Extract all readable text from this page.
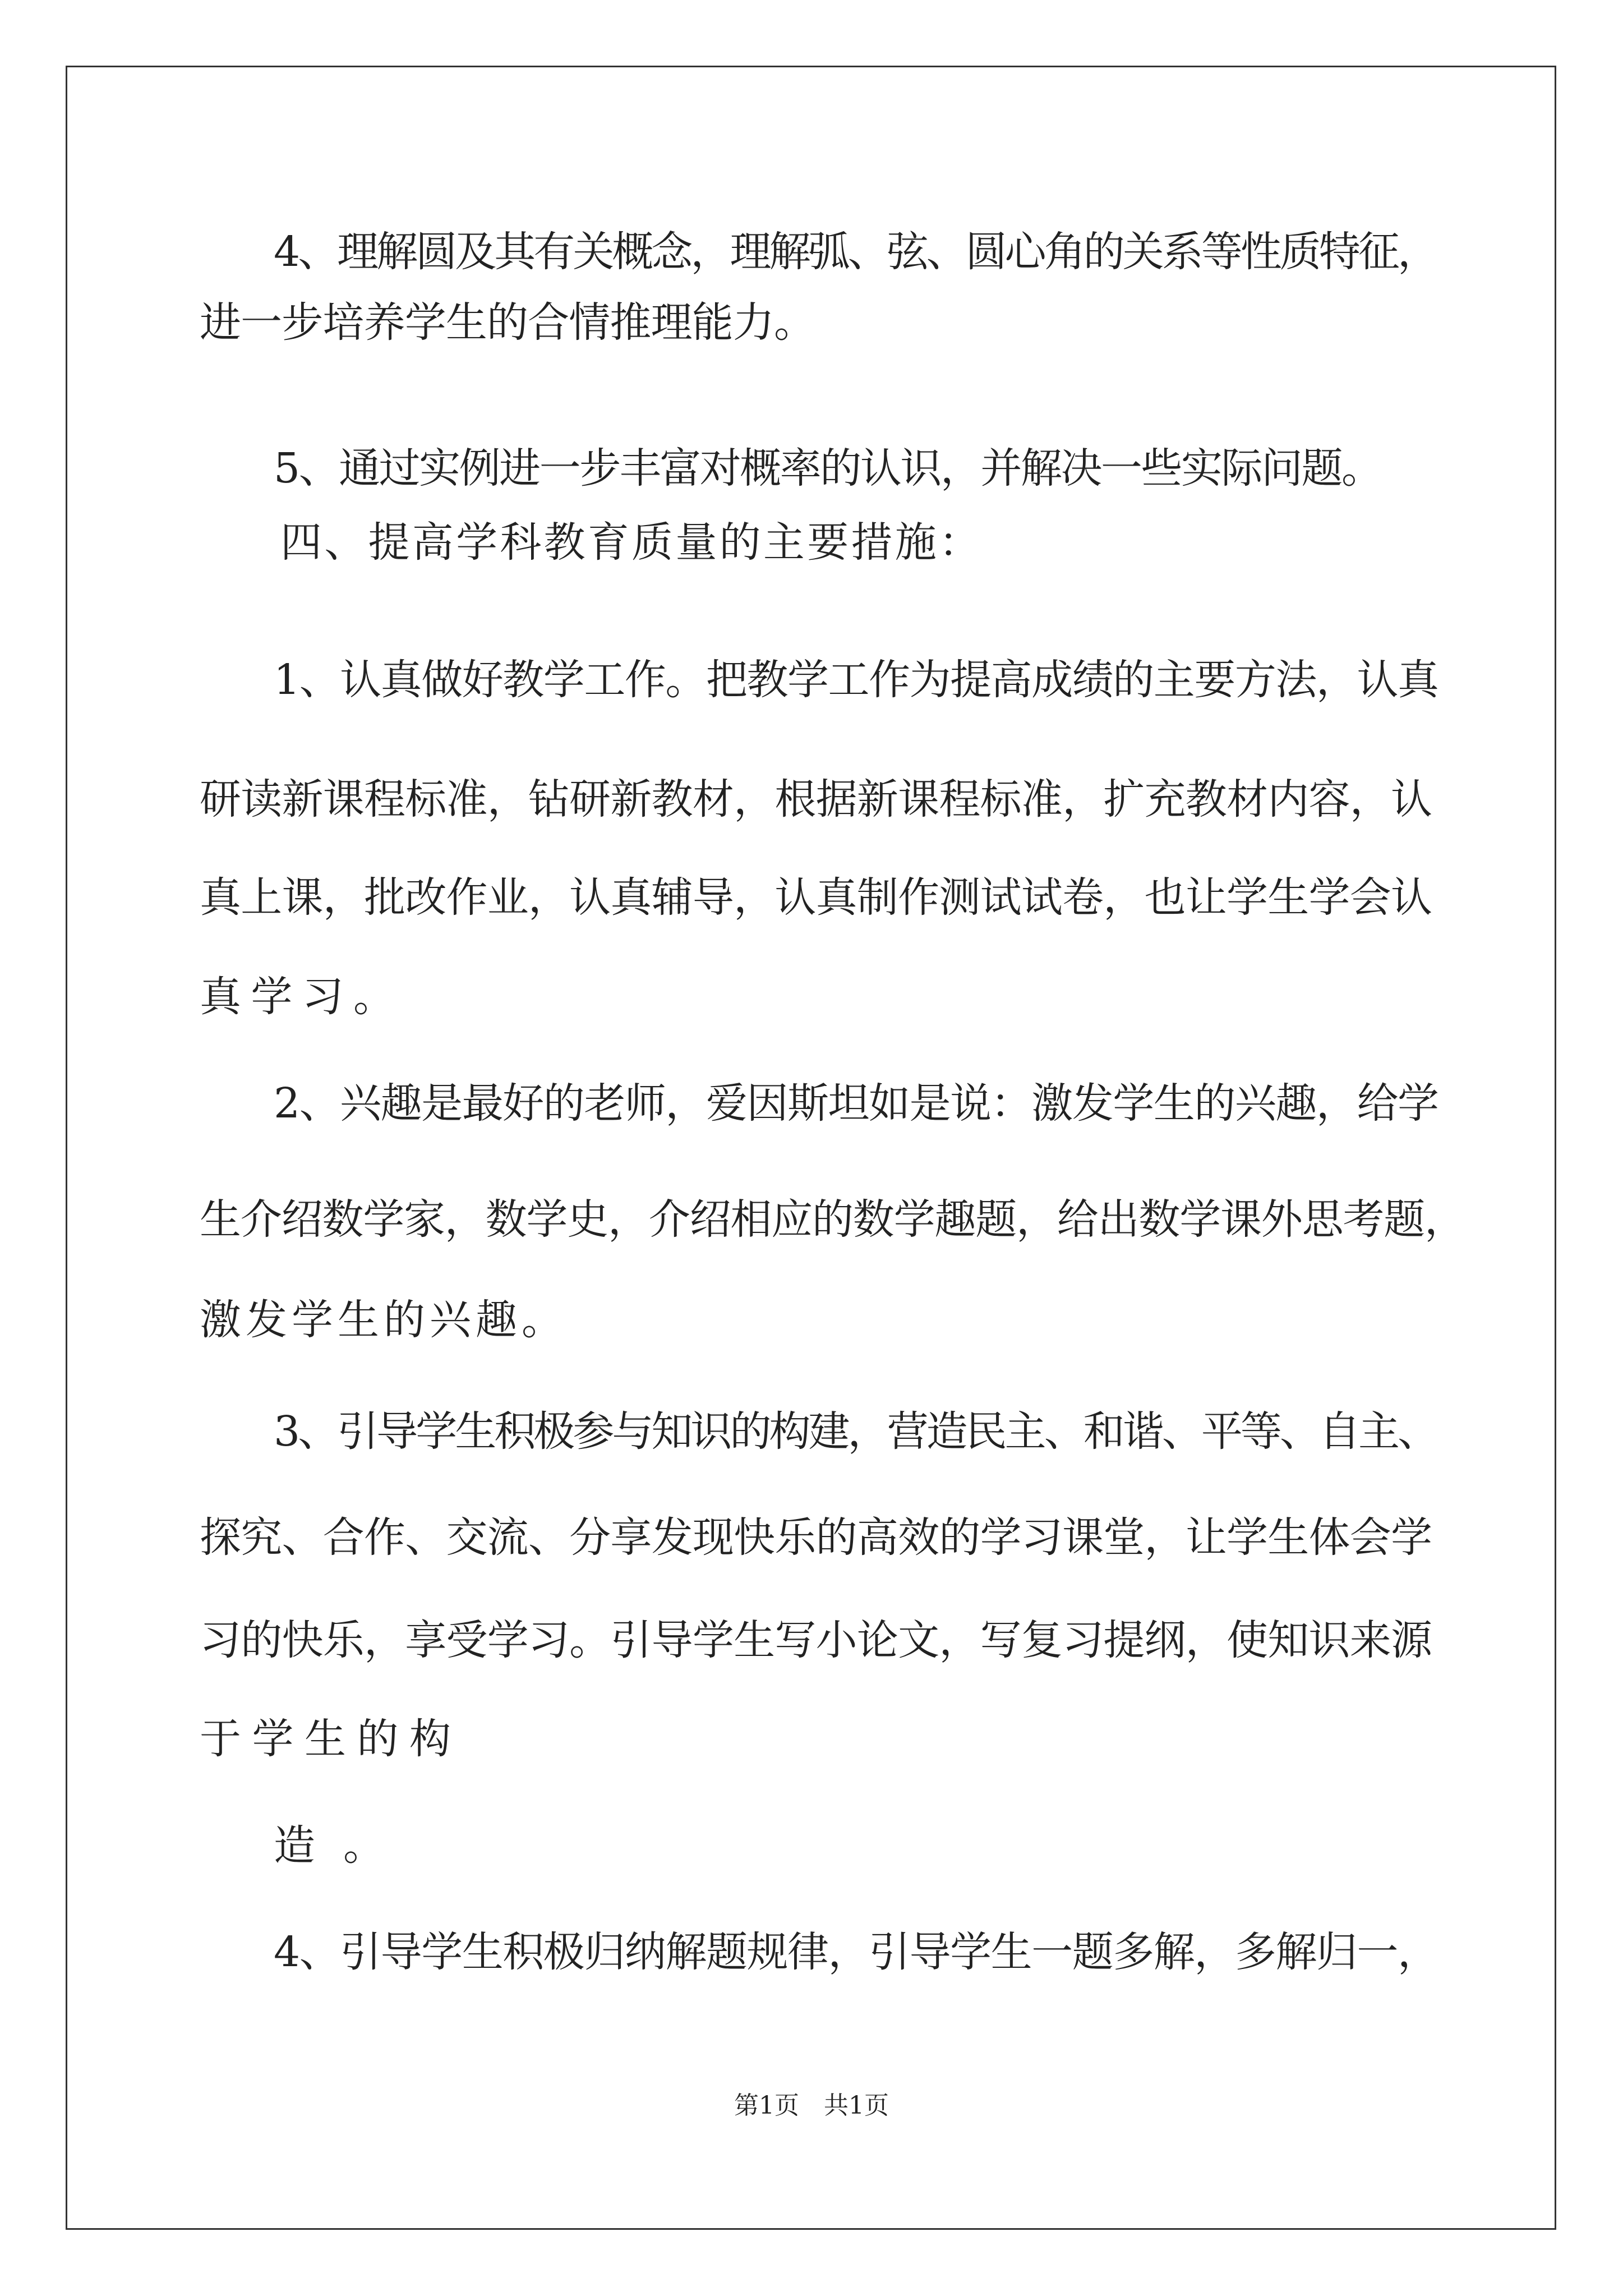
4、理解圆及其有关概念，理解弧、弦、圆心角的关系等性质特征，
进一步培养学生的合情推理能力。
5、通过实例进一步丰富对概率的认识，并解决一些实际问题。
四、提高学科教育质量的主要措施：
1、认真做好教学工作。把教学工作为提高成绩的主要方法，认真
研读新课程标准，钻研新教材，根据新课程标准，扩充教材内容，认
真上课，批改作业，认真辅导，认真制作测试试卷，也让学生学会认
真学习。
2、兴趣是最好的老师，爱因斯坦如是说：激发学生的兴趣，给学
生介绍数学家，数学史，介绍相应的数学趣题，给出数学课外思考题，
激发学生的兴趣。
3、引导学生积极参与知识的构建，营造民主、和谐、平等、自主、
探究、合作、交流、分享发现快乐的高效的学习课堂，让学生体会学
习的快乐，享受学习。引导学生写小论文，写复习提纲，使知识来源
于学生的构
造。
4、引导学生积极归纳解题规律，引导学生一题多解，多解归一，
第1页　共1页
